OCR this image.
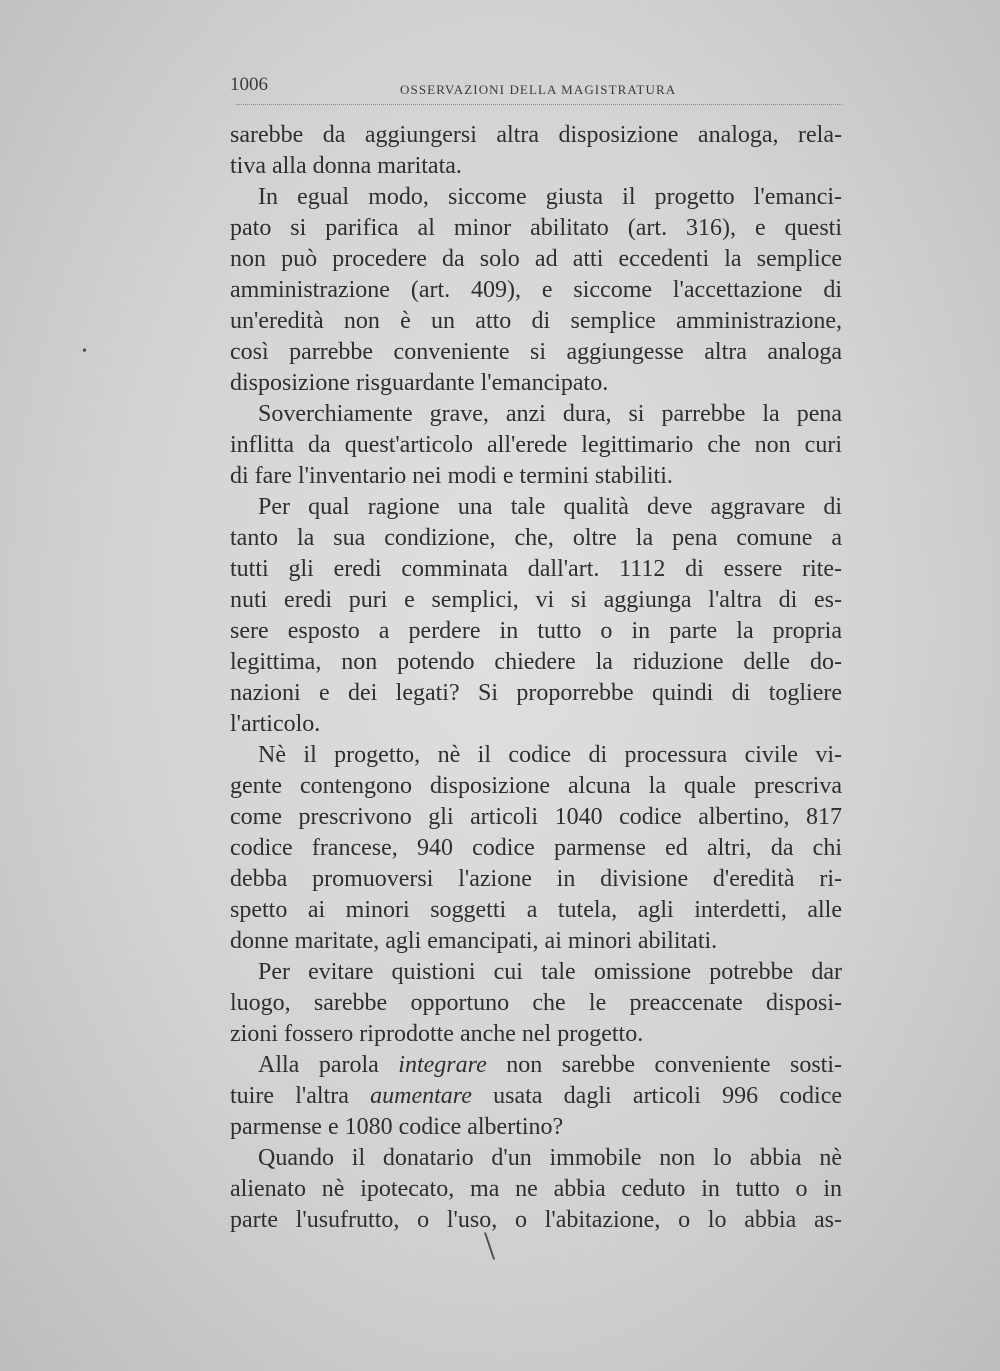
1006	OSSERVAZIONI DELLA MAGISTRATURA
sarebbe da aggiungersi altra disposizione analoga, rela-
tiva alla donna maritata.
In egual modo, siccome giusta il progetto l'emanci-
pato si parifica al minor abilitato (art. 316), e questi
non può procedere da solo ad atti eccedenti la semplice
amministrazione (art. 409), e siccome l'accettazione di
un'eredità non è un atto di semplice amministrazione,
così parrebbe conveniente si aggiungesse altra analoga
disposizione risguardante l'emancipato.
Soverchiamente grave, anzi dura, si parrebbe la pena
inflitta da quest'articolo all'erede legittimario che non curi
di fare l'inventario nei modi e termini stabiliti.
Per qual ragione una tale qualità deve aggravare di
tanto la sua condizione, che, oltre la pena comune a
tutti gli eredi comminata dall'art. 1112 di essere rite-
nuti eredi puri e semplici, vi si aggiunga l'altra di es-
sere esposto a perdere in tutto o in parte la propria
legittima, non potendo chiedere la riduzione delle do-
nazioni e dei legati? Si proporrebbe quindi di togliere
l'articolo.
Nè il progetto, nè il codice di processura civile vi-
gente contengono disposizione alcuna la quale prescriva
come prescrivono gli articoli 1040 codice albertino, 817
codice francese, 940 codice parmense ed altri, da chi
debba promuoversi l'azione in divisione d'eredità ri-
spetto ai minori soggetti a tutela, agli interdetti, alle
donne maritate, agli emancipati, ai minori abilitati.
Per evitare quistioni cui tale omissione potrebbe dar
luogo, sarebbe opportuno che le preaccenate disposi-
zioni fossero riprodotte anche nel progetto.
Alla parola integrare non sarebbe conveniente sosti-
tuire l'altra aumentare usata dagli articoli 996 codice
parmense e 1080 codice albertino?
Quando il donatario d'un immobile non lo abbia nè
alienato nè ipotecato, ma ne abbia ceduto in tutto o in
parte l'usufrutto, o l'uso, o l'abitazione, o lo abbia as-
•
\
